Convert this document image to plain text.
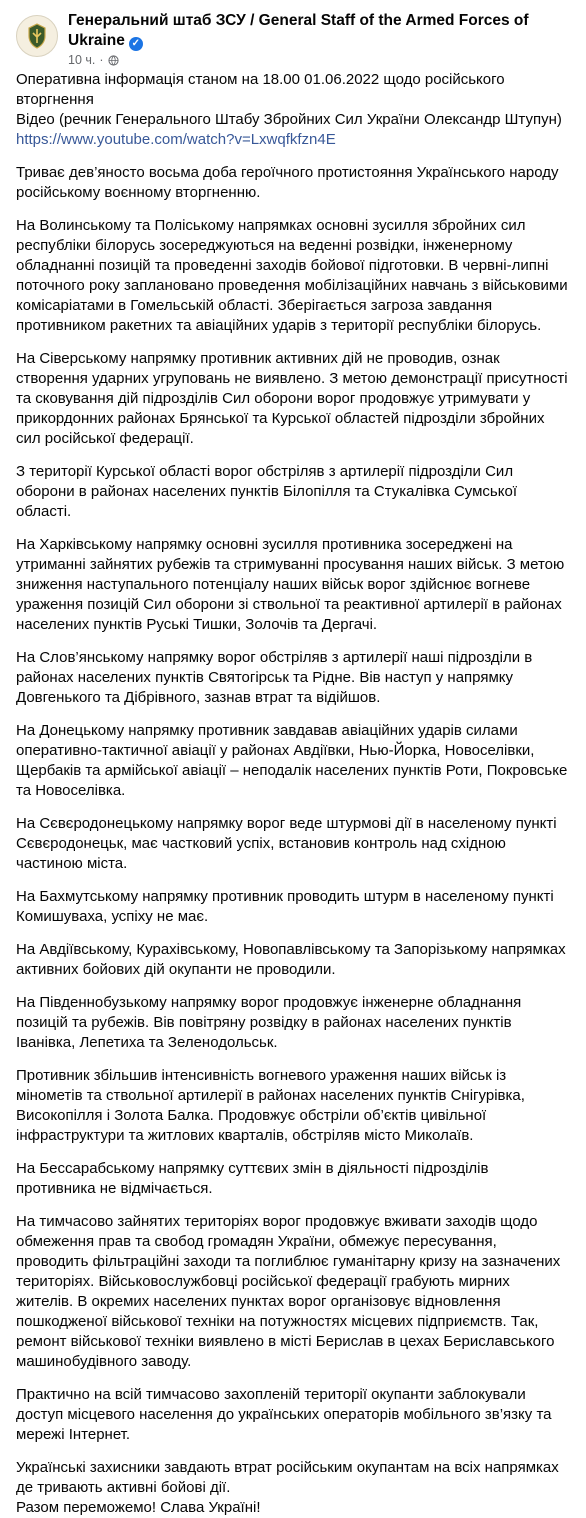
Генеральний штаб ЗСУ / General Staff of the Armed Forces of Ukraine ✓
10 ч. ·

Оперативна інформація станом на 18.00 01.06.2022 щодо російського вторгнення

Відео (речник Генерального Штабу Збройних Сил України Олександр Штупун)

https://www.youtube.com/watch?v=Lxwqfkfzn4E

Триває дев’яносто восьма доба героїчного протистояння Українського народу російському воєнному вторгненню.

На Волинському та Поліському напрямках основні зусилля збройних сил республіки білорусь зосереджуються на веденні розвідки, інженерному обладнанні позицій та проведенні заходів бойової підготовки. В червні-липні поточного року заплановано проведення мобілізаційних навчань з військовими комісаріатами в Гомельській області. Зберігається загроза завдання противником ракетних та авіаційних ударів з території республіки білорусь.

На Сіверському напрямку противник активних дій не проводив, ознак створення ударних угруповань не виявлено. З метою демонстрації присутності та сковування дій підрозділів Сил оборони ворог продовжує утримувати у прикордонних районах Брянської та Курської областей підрозділи збройних сил російської федерації.

З території Курської області ворог обстріляв з артилерії підрозділи Сил оборони в районах населених пунктів Білопілля та Стукалівка Сумської області.

На Харківському напрямку основні зусилля противника зосереджені на утриманні зайнятих рубежів та стримуванні просування наших військ. З метою зниження наступального потенціалу наших військ ворог здійснює вогневе ураження позицій Сил оборони зі ствольної та реактивної артилерії в районах населених пунктів Руські Тишки, Золочів та Дергачі.

На Слов’янському напрямку ворог обстріляв з артилерії наші підрозділи в районах населених пунктів Святогірськ та Рідне. Вів наступ у напрямку Довгенького та Дібрівного, зазнав втрат та відійшов.

На Донецькому напрямку противник завдавав авіаційних ударів силами оперативно-тактичної авіації у районах Авдіївки, Нью-Йорка, Новоселівки, Щербаків та армійської авіації – неподалік населених пунктів Роти, Покровське та Новоселівка.

На Сєвєродонецькому напрямку ворог веде штурмові дії в населеному пункті Сєвєродонецьк, має частковий успіх, встановив контроль над східною частиною міста.

На Бахмутському напрямку противник проводить штурм в населеному пункті Комишуваха, успіху не має.

На Авдіївському, Курахівському, Новопавлівському та Запорізькому напрямках активних бойових дій окупанти не проводили.

На Південнобузькому напрямку ворог продовжує інженерне обладнання позицій та рубежів. Вів повітряну розвідку в районах населених пунктів Іванівка, Лепетиха та Зеленодольськ.

Противник збільшив інтенсивність вогневого ураження наших військ із мінометів та ствольної артилерії в районах населених пунктів Снігурівка, Високопілля і Золота Балка. Продовжує обстріли об’єктів цивільної інфраструктури та житлових кварталів, обстріляв місто Миколаїв.

На Бессарабському напрямку суттєвих змін в діяльності підрозділів противника не відмічається.

На тимчасово зайнятих територіях ворог продовжує вживати заходів щодо обмеження прав та свобод громадян України, обмежує пересування, проводить фільтраційні заходи та поглиблює гуманітарну кризу на зазначених територіях. Військовослужбовці російської федерації грабують мирних жителів. В окремих населених пунктах ворог організовує відновлення пошкодженої військової техніки на потужностях місцевих підприємств. Так, ремонт військової техніки виявлено в місті Берислав в цехах Бериславського машинобудівного заводу.

Практично на всій тимчасово захопленій території окупанти заблокували доступ місцевого населення до українських операторів мобільного зв’язку та мережі Інтернет.

Українські захисники завдають втрат російським окупантам на всіх напрямках де тривають активні бойові дії.

Разом переможемо! Слава Україні!
